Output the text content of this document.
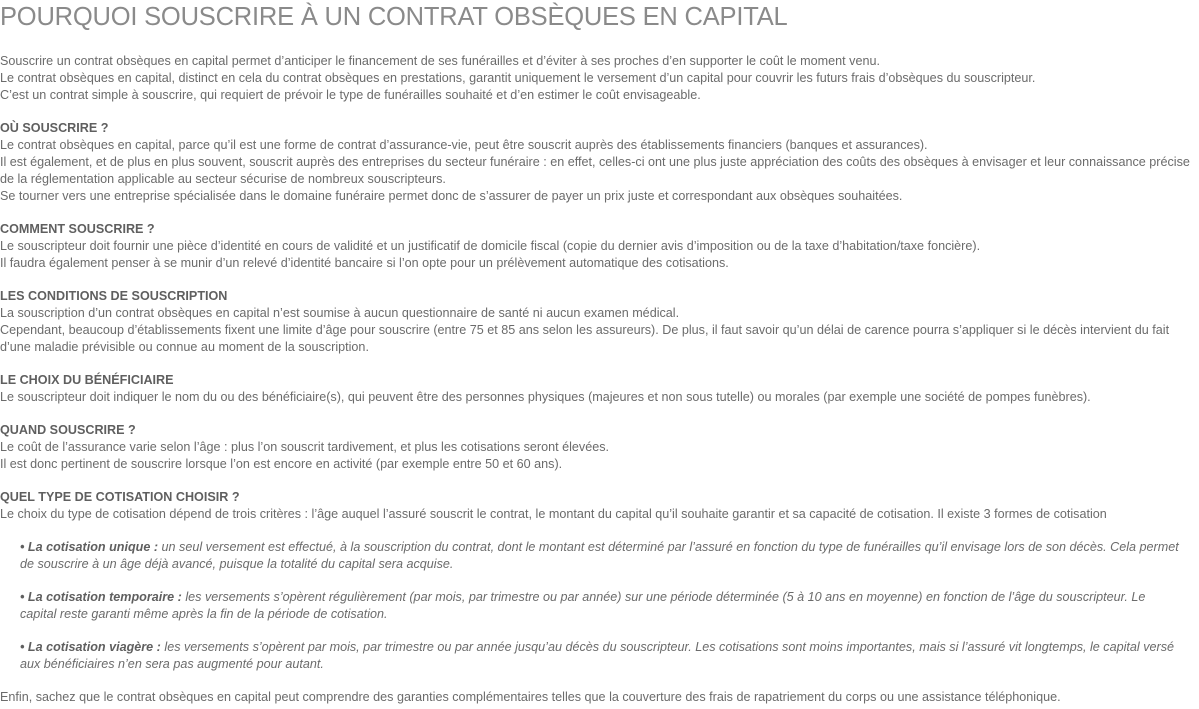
POURQUOI SOUSCRIRE À UN CONTRAT OBSÈQUES EN CAPITAL

Souscrire un contrat obsèques en capital permet d’anticiper le financement de ses funérailles et d’éviter à ses proches d’en supporter le coût le moment venu.

Le contrat obsèques en capital, distinct en cela du contrat obsèques en prestations, garantit uniquement le versement d’un capital pour couvrir les futurs frais d’obsèques du souscripteur.

C’est un contrat simple à souscrire, qui requiert de prévoir le type de funérailles souhaité et d’en estimer le coût envisageable.

OÙ SOUSCRIRE ?

Le contrat obsèques en capital, parce qu’il est une forme de contrat d’assurance-vie, peut être souscrit auprès des établissements financiers (banques et assurances).

Il est également, et de plus en plus souvent, souscrit auprès des entreprises du secteur funéraire : en effet, celles-ci ont une plus juste appréciation des coûts des obsèques à envisager et leur connaissance précise de la réglementation applicable au secteur sécurise de nombreux souscripteurs.

Se tourner vers une entreprise spécialisée dans le domaine funéraire permet donc de s’assurer de payer un prix juste et correspondant aux obsèques souhaitées.

COMMENT SOUSCRIRE ?

Le souscripteur doit fournir une pièce d’identité en cours de validité et un justificatif de domicile fiscal (copie du dernier avis d’imposition ou de la taxe d’habitation/taxe foncière).

Il faudra également penser à se munir d’un relevé d’identité bancaire si l’on opte pour un prélèvement automatique des cotisations.

LES CONDITIONS DE SOUSCRIPTION

La souscription d’un contrat obsèques en capital n’est soumise à aucun questionnaire de santé ni aucun examen médical.

Cependant, beaucoup d’établissements fixent une limite d’âge pour souscrire (entre 75 et 85 ans selon les assureurs). De plus, il faut savoir qu’un délai de carence pourra s’appliquer si le décès intervient du fait d’une maladie prévisible ou connue au moment de la souscription.

LE CHOIX DU BÉNÉFICIAIRE

Le souscripteur doit indiquer le nom du ou des bénéficiaire(s), qui peuvent être des personnes physiques (majeures et non sous tutelle) ou morales (par exemple une société de pompes funèbres).

QUAND SOUSCRIRE ?

Le coût de l’assurance varie selon l’âge : plus l’on souscrit tardivement, et plus les cotisations seront élevées.

Il est donc pertinent de souscrire lorsque l’on est encore en activité (par exemple entre 50 et 60 ans).

QUEL TYPE DE COTISATION CHOISIR ?

Le choix du type de cotisation dépend de trois critères : l’âge auquel l’assuré souscrit le contrat, le montant du capital qu’il souhaite garantir et sa capacité de cotisation. Il existe 3 formes de cotisation

• La cotisation unique : un seul versement est effectué, à la souscription du contrat, dont le montant est déterminé par l’assuré en fonction du type de funérailles qu’il envisage lors de son décès. Cela permet de souscrire à un âge déjà avancé, puisque la totalité du capital sera acquise.
• La cotisation temporaire : les versements s’opèrent régulièrement (par mois, par trimestre ou par année) sur une période déterminée (5 à 10 ans en moyenne) en fonction de l’âge du souscripteur. Le capital reste garanti même après la fin de la période de cotisation.
• La cotisation viagère : les versements s’opèrent par mois, par trimestre ou par année jusqu’au décès du souscripteur. Les cotisations sont moins importantes, mais si l’assuré vit longtemps, le capital versé aux bénéficiaires n’en sera pas augmenté pour autant.

Enfin, sachez que le contrat obsèques en capital peut comprendre des garanties complémentaires telles que la couverture des frais de rapatriement du corps ou une assistance téléphonique.
